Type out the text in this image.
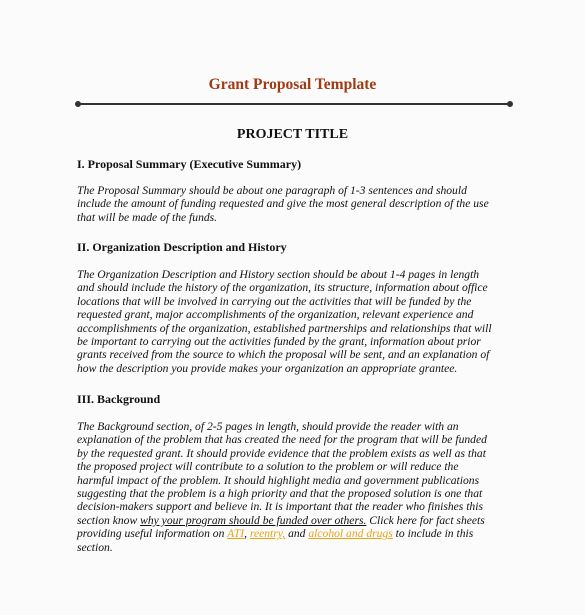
Grant Proposal Template
PROJECT TITLE
I. Proposal Summary (Executive Summary)

The Proposal Summary should be about one paragraph of 1-3 sentences and should
include the amount of funding requested and give the most general description of the use
that will be made of the funds.

II. Organization Description and History

The Organization Description and History section should be about 1-4 pages in length
and should include the history of the organization, its structure, information about office
locations that will be involved in carrying out the activities that will be funded by the
requested grant, major accomplishments of the organization, relevant experience and
accomplishments of the organization, established partnerships and relationships that will
be important to carrying out the activities funded by the grant, information about prior
grants received from the source to which the proposal will be sent, and an explanation of
how the description you provide makes your organization an appropriate grantee.

III. Background

The Background section, of 2-5 pages in length, should provide the reader with an
explanation of the problem that has created the need for the program that will be funded
by the requested grant. It should provide evidence that the problem exists as well as that
the proposed project will contribute to a solution to the problem or will reduce the
harmful impact of the problem. It should highlight media and government publications
suggesting that the problem is a high priority and that the proposed solution is one that
decision-makers support and believe in. It is important that the reader who finishes this
section know why your program should be funded over others. Click here for fact sheets
providing useful information on ATI, reentry, and alcohol and drugs to include in this
section.
